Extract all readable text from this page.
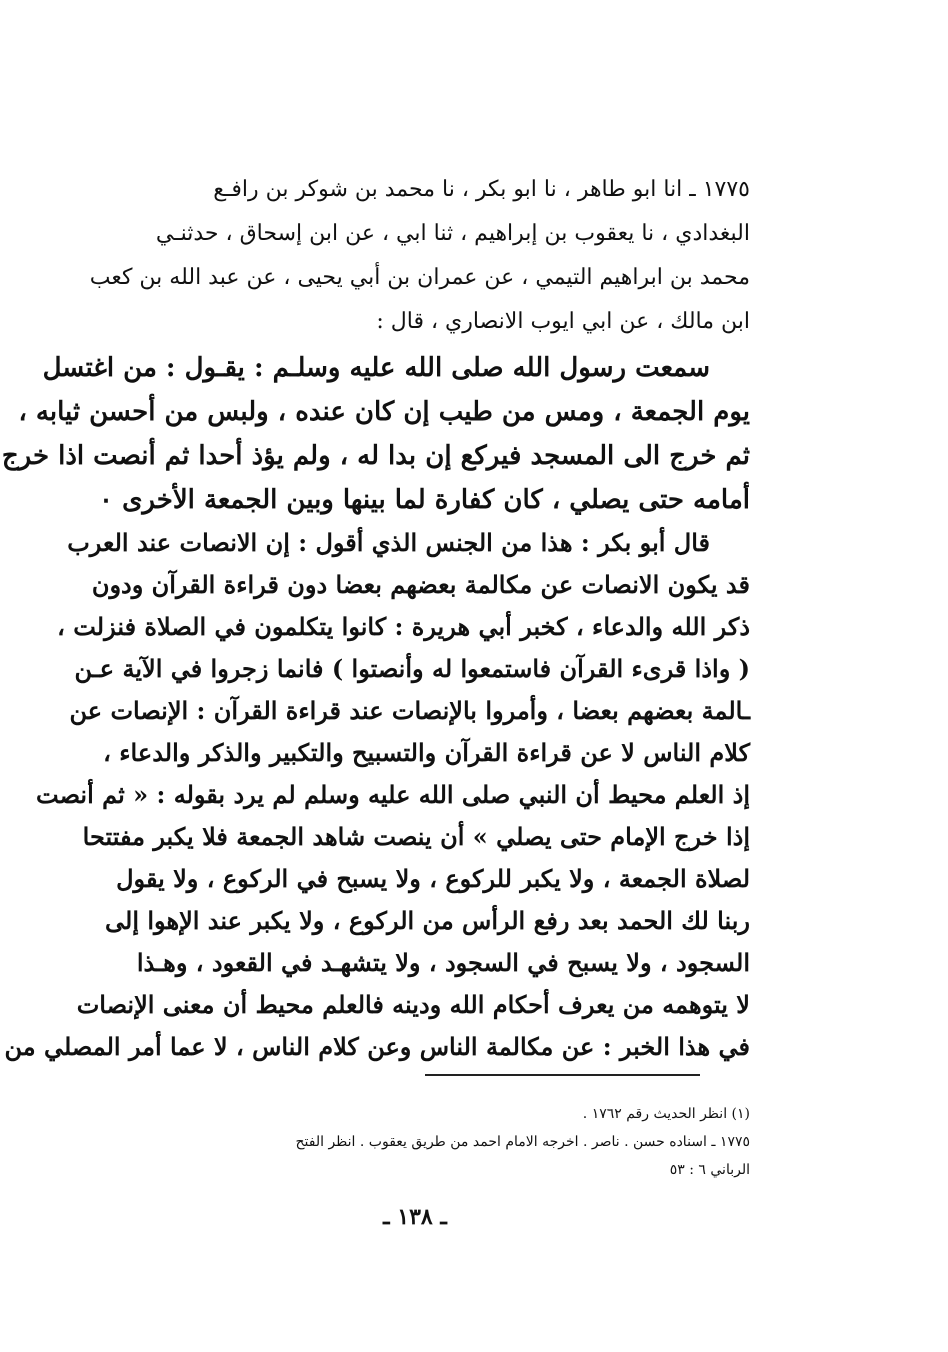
١٧٧٥ ـ انا ابو طاهر ، نا ابو بكر ، نا محمد بن شوكر بن رافـع
البغدادي ، نا يعقوب بن إبراهيم ، ثنا ابي ، عن ابن إسحاق ، حدثنـي
محمد بن ابراهيم التيمي ، عن عمران بن أبي يحيى ، عن عبد الله بن كعب
ابن مالك ، عن ابي ايوب الانصاري ، قال :
سمعت رسول الله صلى الله عليه وسلـم : يقـول : من اغتسل
يوم الجمعة ، ومس من طيب إن كان عنده ، ولبس من أحسن ثيابه ،
ثم خرج الى المسجد فيركع إن بدا له ، ولم يؤذ أحدا ثم أنصت اذا خرج
أمامه حتى يصلي ، كان كفارة لما بينها وبين الجمعة الأخرى ٠
قال أبو بكر : هذا من الجنس الذي أقول : إن الانصات عند العرب
قد يكون الانصات عن مكالمة بعضهم بعضا دون قراءة القرآن ودون
ذكر الله والدعاء ، كخبر أبي هريرة : كانوا يتكلمون في الصلاة فنزلت ،
( واذا قرىء القرآن فاستمعوا له وأنصتوا ) فانما زجروا في الآية عـن
ـالمة بعضهم بعضا ، وأمروا بالإنصات عند قراءة القرآن : الإنصات عن
كلام الناس لا عن قراءة القرآن والتسبيح والتكبير والذكر والدعاء ،
إذ العلم محيط أن النبي صلى الله عليه وسلم لم يرد بقوله : « ثم أنصت
إذا خرج الإمام حتى يصلي » أن ينصت شاهد الجمعة فلا يكبر مفتتحا
لصلاة الجمعة ، ولا يكبر للركوع ، ولا يسبح في الركوع ، ولا يقول
ربنا لك الحمد بعد رفع الرأس من الركوع ، ولا يكبر عند الإهوا إلى
السجود ، ولا يسبح في السجود ، ولا يتشهـد في القعود ، وهـذا
لا يتوهمه من يعرف أحكام الله ودينه فالعلم محيط أن معنى الإنصات
في هذا الخبر : عن مكالمة الناس وعن كلام الناس ، لا عما أمر المصلي من
(١) انظر الحديث رقم ١٧٦٢ .
١٧٧٥ ـ اسناده حسن . ناصر . اخرجه الامام احمد من طريق يعقوب . انظر الفتح
الرباني ٦ : ٥٣
ـ ١٣٨ ـ
